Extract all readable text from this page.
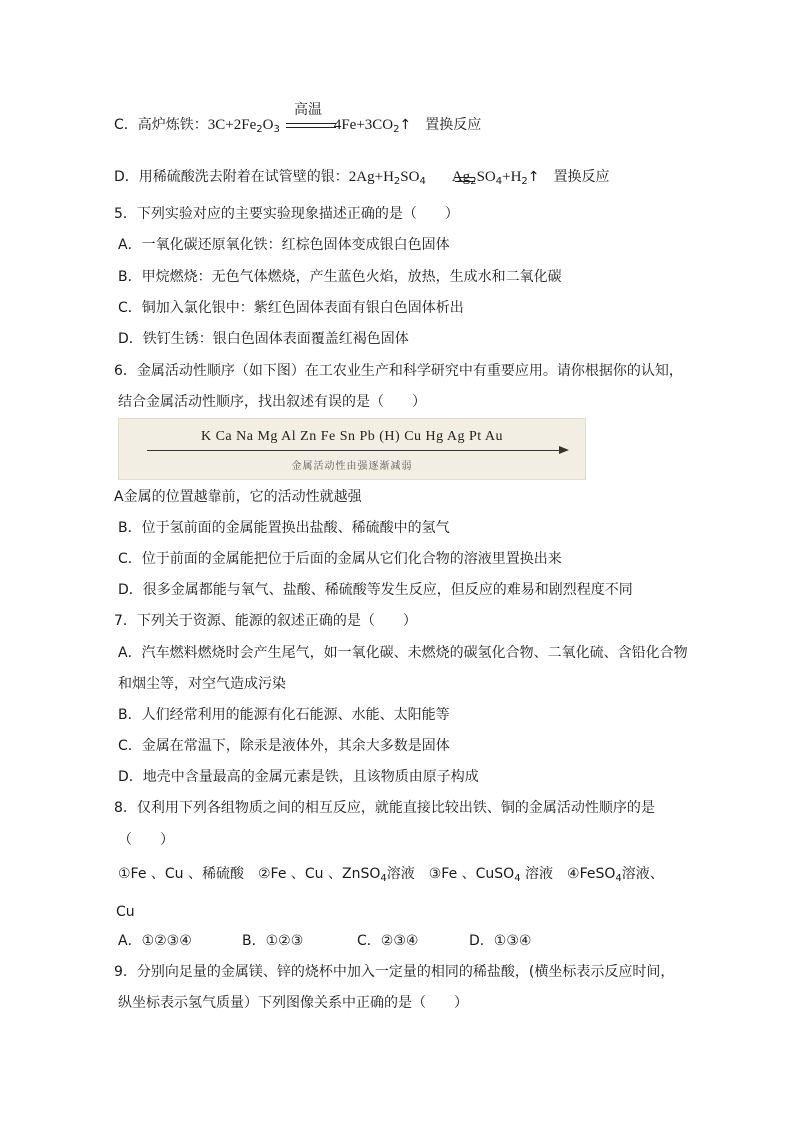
高温
C．高炉炼铁：$3C+2Fe_2O_3$	$4Fe+3CO_2↑$ 置换反应
D．用稀硫酸洗去附着在试管壁的银：$2Ag+H_2SO_4$ $Ag_2SO_4+H_2↑$ 置换反应
5．下列实验对应的主要实验现象描述正确的是（　　）
A．一氧化碳还原氧化铁：红棕色固体变成银白色固体
B．甲烷燃烧：无色气体燃烧，产生蓝色火焰，放热，生成水和二氧化碳
C．铜加入氯化银中：紫红色固体表面有银白色固体析出
D．铁钉生锈：银白色固体表面覆盖红褐色固体
6．金属活动性顺序（如下图）在工农业生产和科学研究中有重要应用。请你根据你的认知，
结合金属活动性顺序，找出叙述有误的是（　　）
K Ca Na Mg Al Zn Fe Sn Pb (H) Cu Hg Ag Pt Au
金属活动性由强逐渐减弱
A金属的位置越靠前，它的活动性就越强
B．位于氢前面的金属能置换出盐酸、稀硫酸中的氢气
C．位于前面的金属能把位于后面的金属从它们化合物的溶液里置换出来
D．很多金属都能与氧气、盐酸、稀硫酸等发生反应，但反应的难易和剧烈程度不同
7．下列关于资源、能源的叙述正确的是（　　）
A．汽车燃料燃烧时会产生尾气，如一氧化碳、未燃烧的碳氢化合物、二氧化硫、含铅化合物
和烟尘等，对空气造成污染
B．人们经常利用的能源有化石能源、水能、太阳能等
C．金属在常温下，除汞是液体外，其余大多数是固体
D．地壳中含量最高的金属元素是铁，且该物质由原子构成
8．仅利用下列各组物质之间的相互反应，就能直接比较出铁、铜的金属活动性顺序的是
（　　）
①Fe 、Cu 、稀硫酸 ②Fe 、Cu 、ZnSO$_4$溶液 ③Fe 、CuSO$_4$ 溶液 ④FeSO$_4$溶液、
Cu
A．①②③④	B．①②③	C．②③④	D．①③④
9．分别向足量的金属镁、锌的烧杯中加入一定量的相同的稀盐酸，(横坐标表示反应时间，
纵坐标表示氢气质量）下列图像关系中正确的是（　　）
